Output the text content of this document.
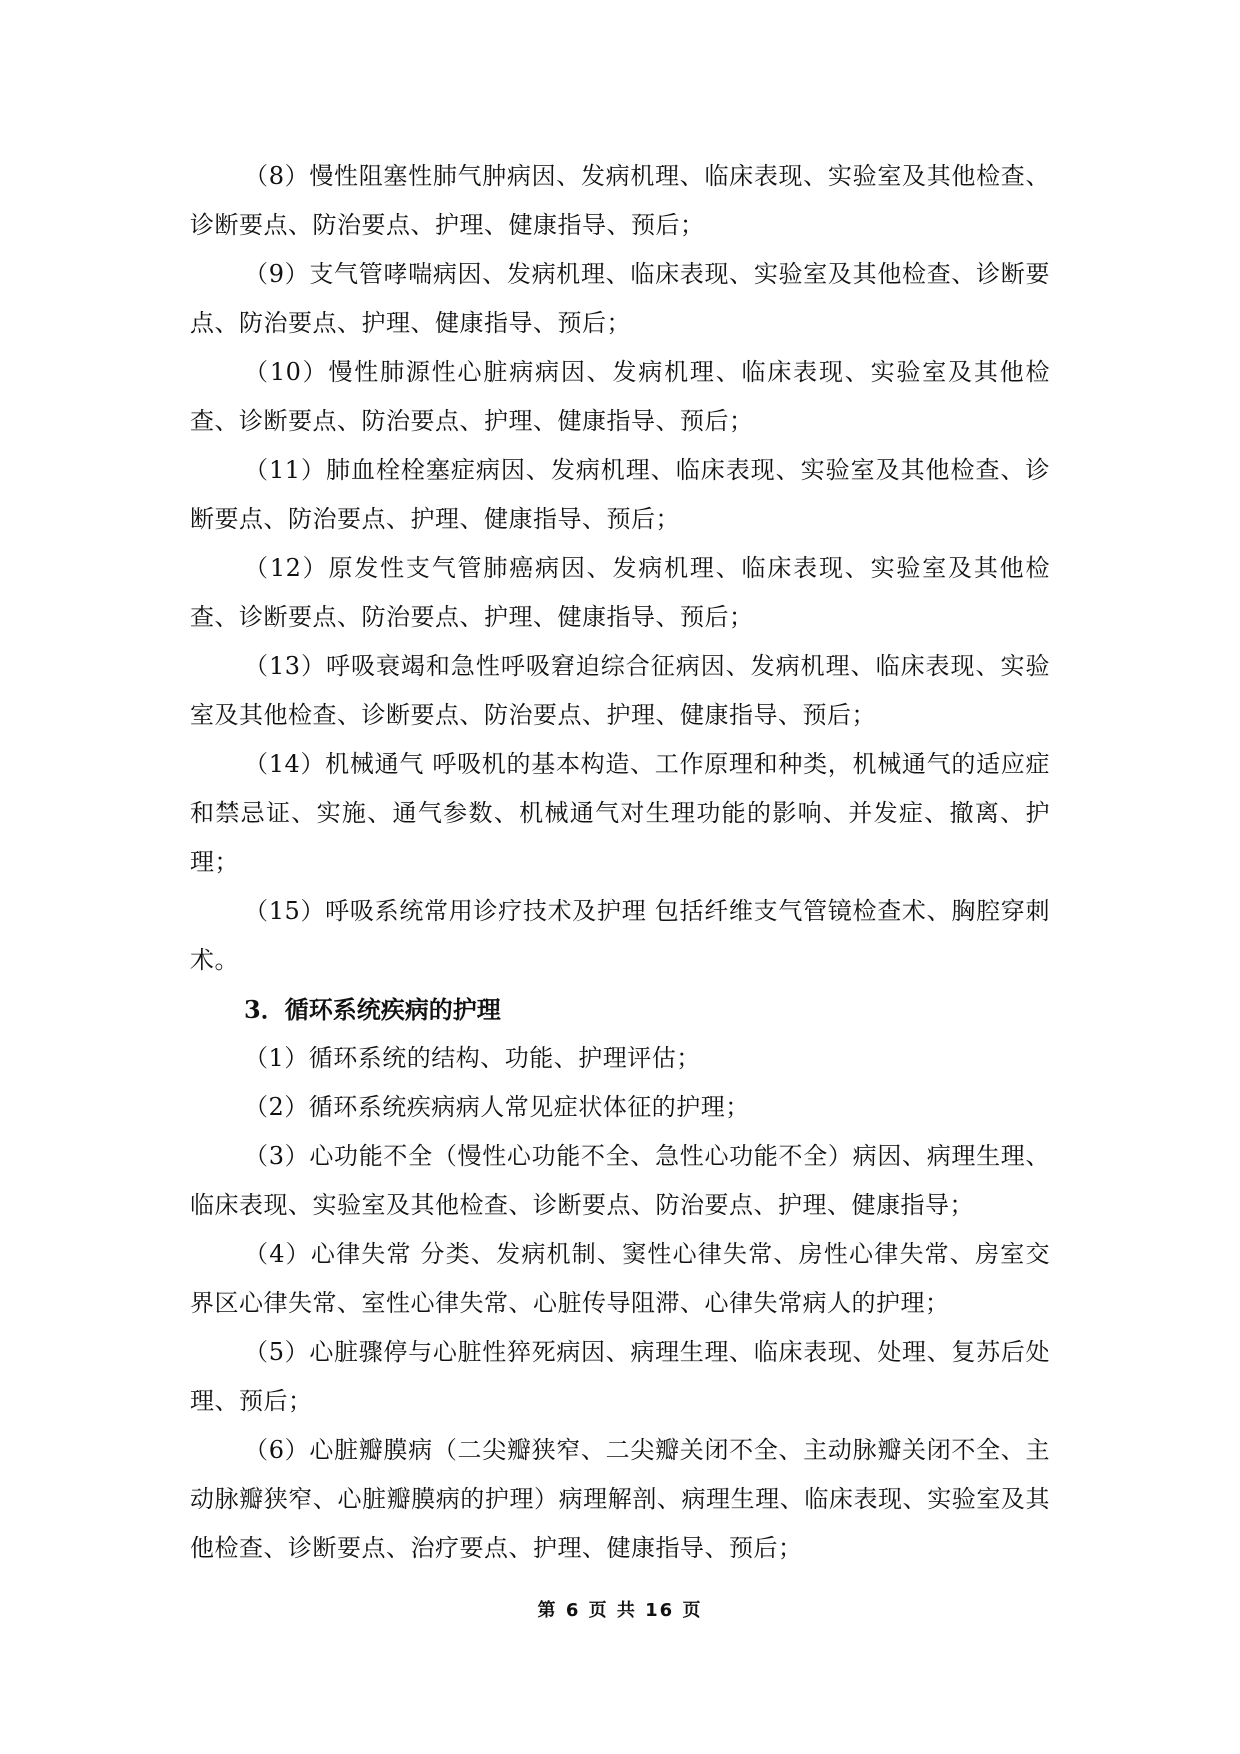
（8）慢性阻塞性肺气肿病因、发病机理、临床表现、实验室及其他检查、诊断要点、防治要点、护理、健康指导、预后；

（9）支气管哮喘病因、发病机理、临床表现、实验室及其他检查、诊断要点、防治要点、护理、健康指导、预后；

（10）慢性肺源性心脏病病因、发病机理、临床表现、实验室及其他检查、诊断要点、防治要点、护理、健康指导、预后；

（11）肺血栓栓塞症病因、发病机理、临床表现、实验室及其他检查、诊断要点、防治要点、护理、健康指导、预后；

（12）原发性支气管肺癌病因、发病机理、临床表现、实验室及其他检查、诊断要点、防治要点、护理、健康指导、预后；

（13）呼吸衰竭和急性呼吸窘迫综合征病因、发病机理、临床表现、实验室及其他检查、诊断要点、防治要点、护理、健康指导、预后；

（14）机械通气 呼吸机的基本构造、工作原理和种类，机械通气的适应症和禁忌证、实施、通气参数、机械通气对生理功能的影响、并发症、撤离、护理；

（15）呼吸系统常用诊疗技术及护理 包括纤维支气管镜检查术、胸腔穿刺术。

3．循环系统疾病的护理

（1）循环系统的结构、功能、护理评估；

（2）循环系统疾病病人常见症状体征的护理；

（3）心功能不全（慢性心功能不全、急性心功能不全）病因、病理生理、临床表现、实验室及其他检查、诊断要点、防治要点、护理、健康指导；

（4）心律失常 分类、发病机制、窦性心律失常、房性心律失常、房室交界区心律失常、室性心律失常、心脏传导阻滞、心律失常病人的护理；

（5）心脏骤停与心脏性猝死病因、病理生理、临床表现、处理、复苏后处理、预后；

（6）心脏瓣膜病（二尖瓣狭窄、二尖瓣关闭不全、主动脉瓣关闭不全、主动脉瓣狭窄、心脏瓣膜病的护理）病理解剖、病理生理、临床表现、实验室及其他检查、诊断要点、治疗要点、护理、健康指导、预后；

第 6 页 共 16 页
